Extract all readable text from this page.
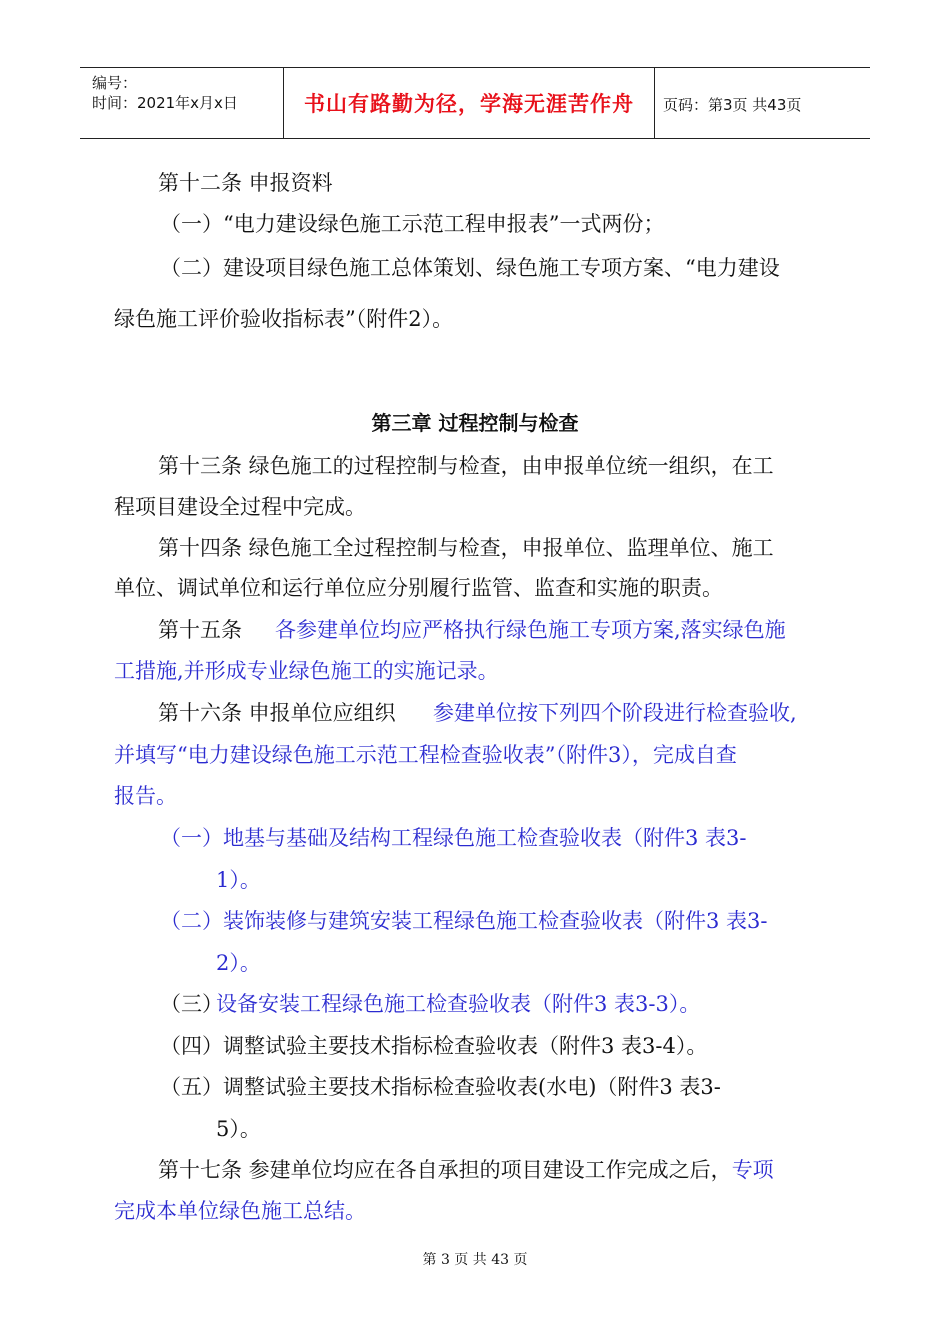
编号：
时间：2021年x月x日	书山有路勤为径，学海无涯苦作舟	页码：第3页 共43页
第十二条 申报资料
（一）“电力建设绿色施工示范工程申报表”一式两份；
（二）建设项目绿色施工总体策划、绿色施工专项方案、“电力建设
绿色施工评价验收指标表”（附件2）。
第三章 过程控制与检查
第十三条 绿色施工的过程控制与检查，由申报单位统一组织，在工
程项目建设全过程中完成。
第十四条 绿色施工全过程控制与检查，申报单位、监理单位、施工
单位、调试单位和运行单位应分别履行监管、监查和实施的职责。
第十五条 各参建单位均应严格执行绿色施工专项方案,落实绿色施
工措施,并形成专业绿色施工的实施记录。
第十六条 申报单位应组织 参建单位按下列四个阶段进行检查验收,
并填写“电力建设绿色施工示范工程检查验收表”（附件3），完成自查
报告。
（一）地基与基础及结构工程绿色施工检查验收表（附件3 表3-
1）。
（二）装饰装修与建筑安装工程绿色施工检查验收表（附件3 表3-
2）。
（三）
设备安装工程绿色施工检查验收表（附件3 表3-3）。
（四）调整试验主要技术指标检查验收表（附件3 表3-4）。
（五）调整试验主要技术指标检查验收表(水电)（附件3 表3-
5）。
第十七条 参建单位均应在各自承担的项目建设工作完成之后，专项
完成本单位绿色施工总结。
第 3 页 共 43 页
